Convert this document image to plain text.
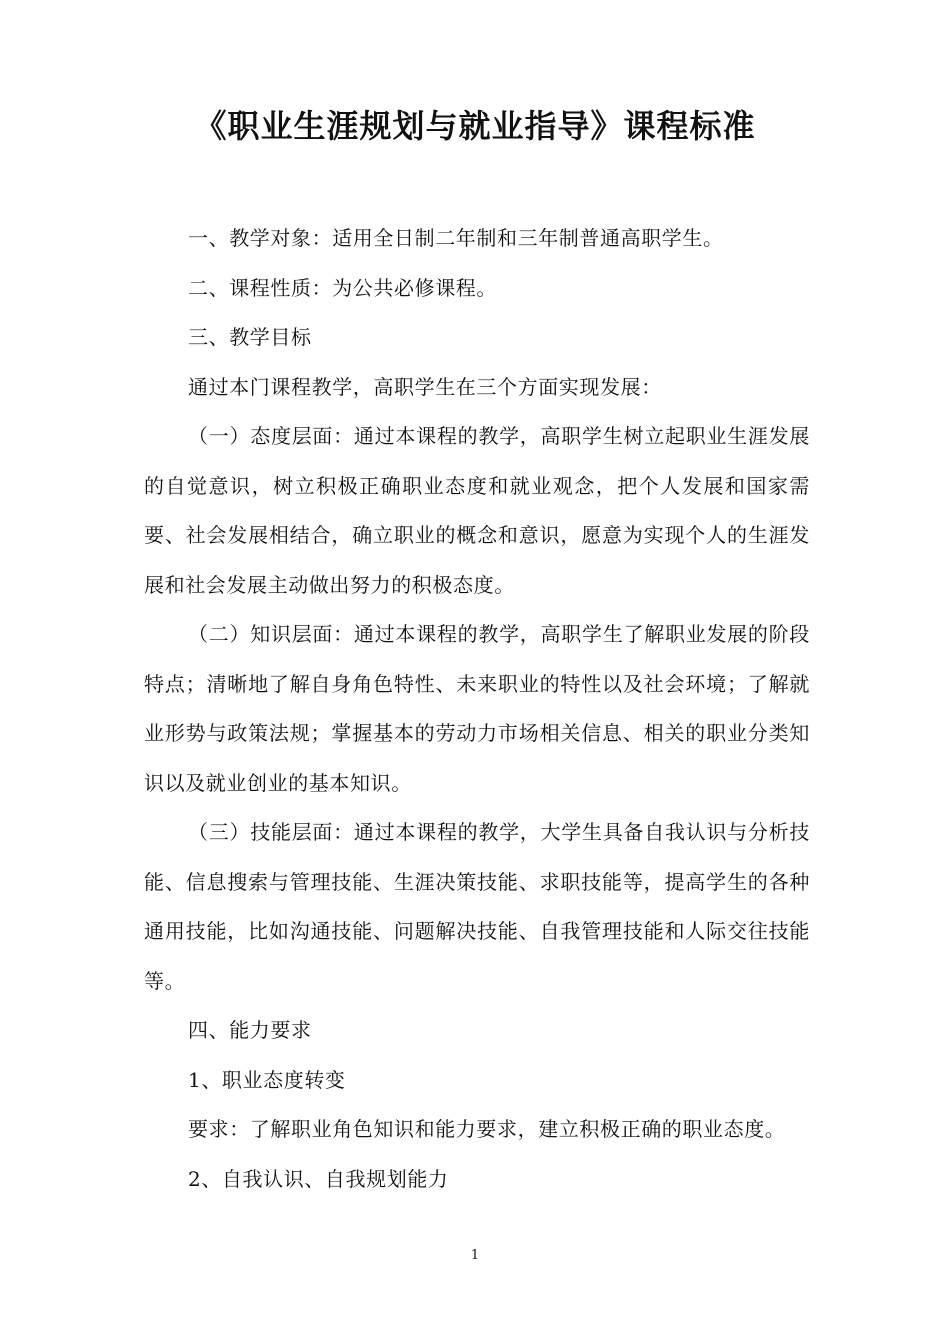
《职业生涯规划与就业指导》课程标准

一、教学对象：适用全日制二年制和三年制普通高职学生。

二、课程性质：为公共必修课程。

三、教学目标

通过本门课程教学，高职学生在三个方面实现发展：

（一）态度层面：通过本课程的教学，高职学生树立起职业生涯发展的自觉意识，树立积极正确职业态度和就业观念，把个人发展和国家需要、社会发展相结合，确立职业的概念和意识，愿意为实现个人的生涯发展和社会发展主动做出努力的积极态度。

（二）知识层面：通过本课程的教学，高职学生了解职业发展的阶段特点；清晰地了解自身角色特性、未来职业的特性以及社会环境；了解就业形势与政策法规；掌握基本的劳动力市场相关信息、相关的职业分类知识以及就业创业的基本知识。

（三）技能层面：通过本课程的教学，大学生具备自我认识与分析技能、信息搜索与管理技能、生涯决策技能、求职技能等，提高学生的各种通用技能，比如沟通技能、问题解决技能、自我管理技能和人际交往技能等。

四、能力要求

1、职业态度转变

要求：了解职业角色知识和能力要求，建立积极正确的职业态度。

2、自我认识、自我规划能力

1
